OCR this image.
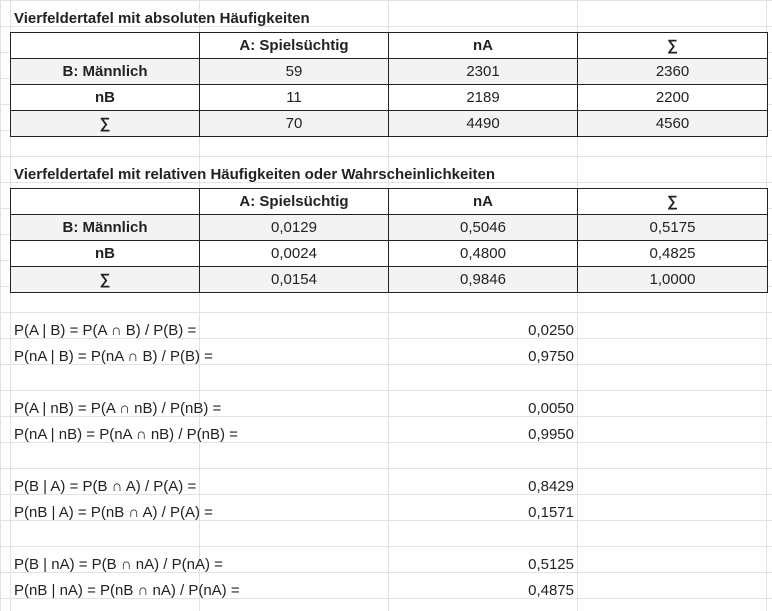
Vierfeldertafel mit absoluten Häufigkeiten
	A: Spielsüchtig	nA	∑
B: Männlich	59	2301	2360
nB	11	2189	2200
∑	70	4490	4560
Vierfeldertafel mit relativen Häufigkeiten oder Wahrscheinlichkeiten
	A: Spielsüchtig	nA	∑
B: Männlich	0,0129	0,5046	0,5175
nB	0,0024	0,4800	0,4825
∑	0,0154	0,9846	1,0000
P(A | B) = P(A ∩ B) / P(B) =	0,0250
P(nA | B) = P(nA ∩ B) / P(B) =	0,9750
P(A | nB) = P(A ∩ nB) / P(nB) =	0,0050
P(nA | nB) = P(nA ∩ nB) / P(nB) =	0,9950
P(B | A) = P(B ∩ A) / P(A) =	0,8429
P(nB | A) = P(nB ∩ A) / P(A) =	0,1571
P(B | nA) = P(B ∩ nA) / P(nA) =	0,5125
P(nB | nA) = P(nB ∩ nA) / P(nA) =	0,4875
